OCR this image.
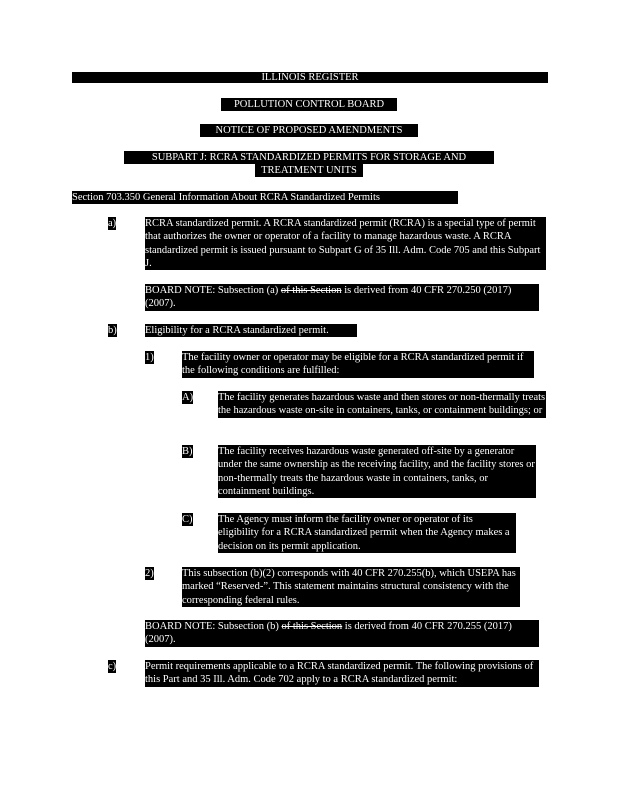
ILLINOIS REGISTER
POLLUTION CONTROL BOARD
NOTICE OF PROPOSED AMENDMENTS
SUBPART J: RCRA STANDARDIZED PERMITS FOR STORAGE AND
TREATMENT UNITS
Section 703.350 General Information About RCRA Standardized Permits
a)	RCRA standardized permit. A RCRA standardized permit (RCRA) is a special type of permit that authorizes the owner or operator of a facility to manage hazardous waste. A RCRA standardized permit is issued pursuant to Subpart G of 35 Ill. Adm. Code 705 and this Subpart J.
BOARD NOTE: Subsection (a) of this Section is derived from 40 CFR 270.250 (2017) (2007).
b)	Eligibility for a RCRA standardized permit.
1)	The facility owner or operator may be eligible for a RCRA standardized permit if the following conditions are fulfilled:
A) The facility generates hazardous waste and then stores or non-thermally treats the hazardous waste on-site in containers, tanks, or containment buildings; or
B) The facility receives hazardous waste generated off-site by a generator under the same ownership as the receiving facility, and the facility stores or non-thermally treats the hazardous waste in containers, tanks, or containment buildings.
C) The Agency must inform the facility owner or operator of its eligibility for a RCRA standardized permit when the Agency makes a decision on its permit application.
2)	This subsection (b)(2) corresponds with 40 CFR 270.255(b), which USEPA has marked “Reserved-”. This statement maintains structural consistency with the corresponding federal rules.
BOARD NOTE: Subsection (b) of this Section is derived from 40 CFR 270.255 (2017) (2007).
c)	Permit requirements applicable to a RCRA standardized permit. The following provisions of this Part and 35 Ill. Adm. Code 702 apply to a RCRA standardized permit:
